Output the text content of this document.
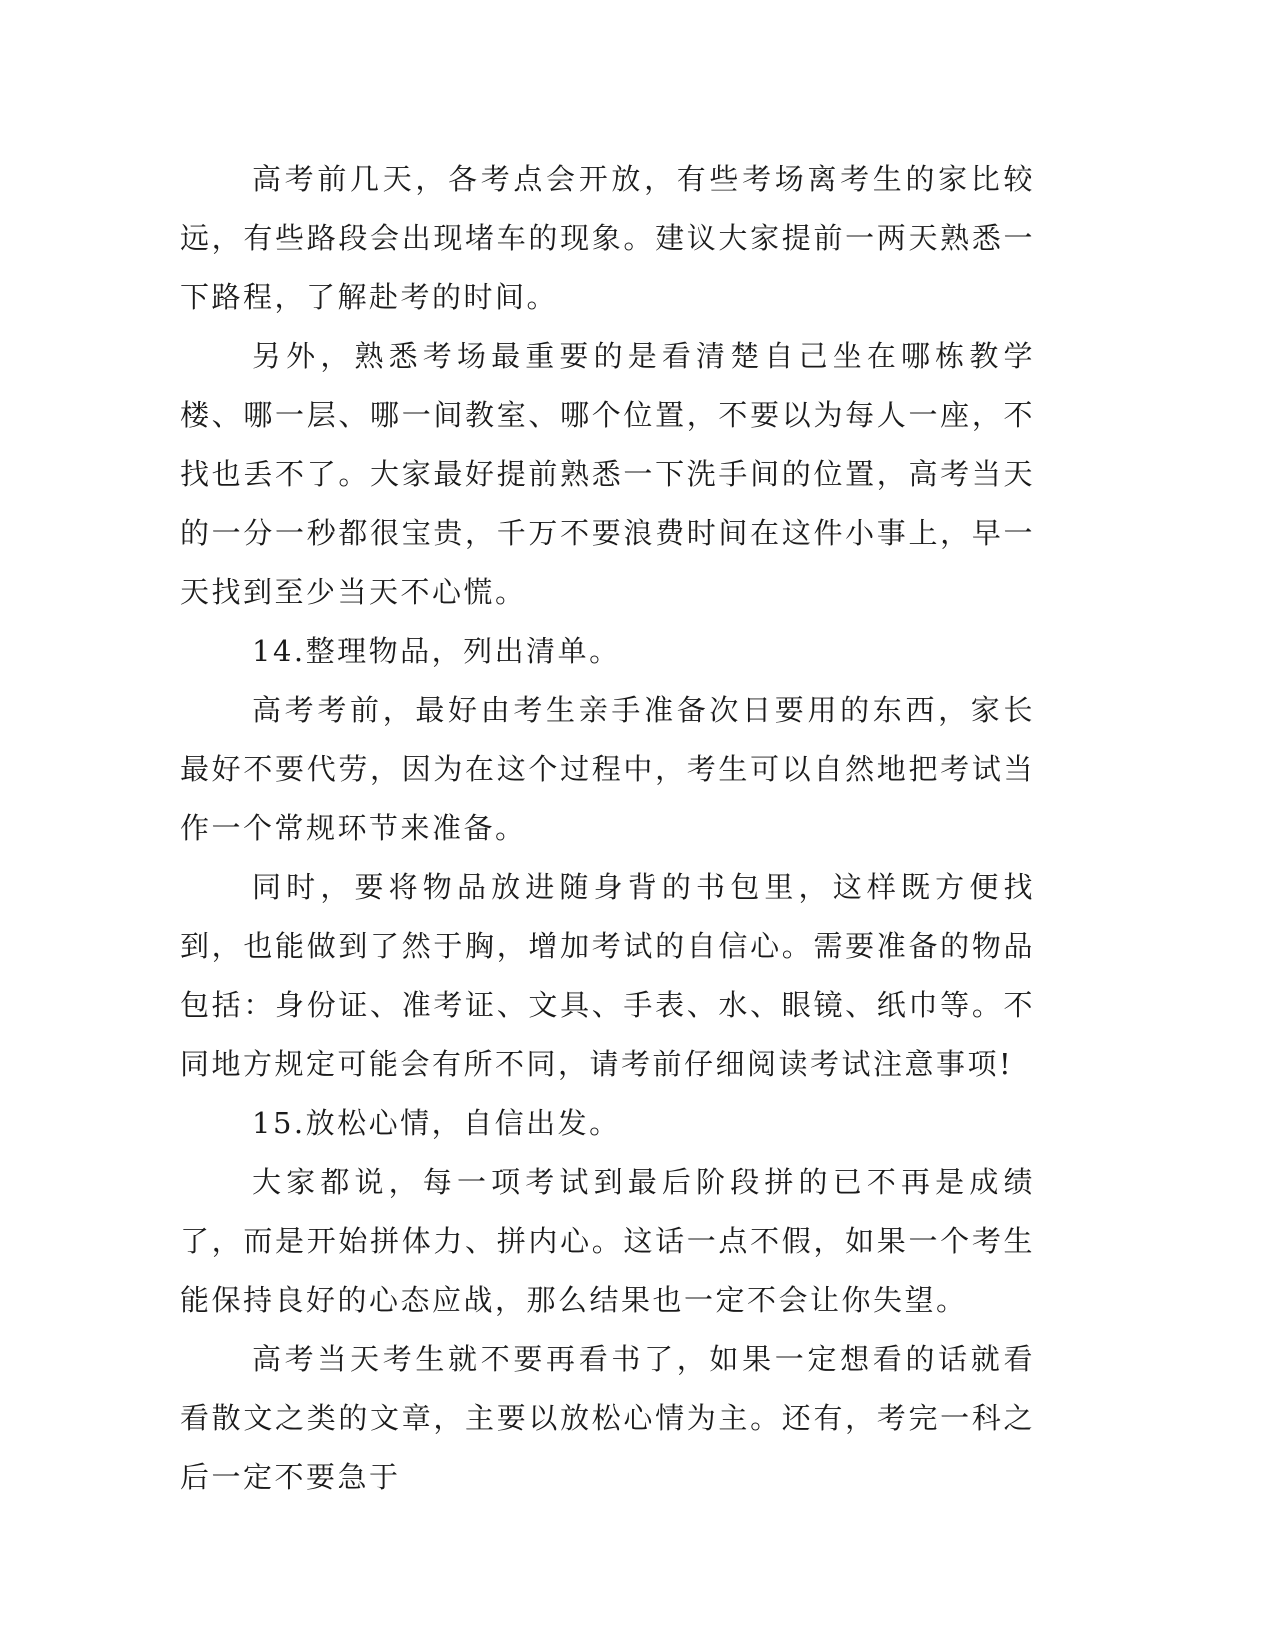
高考前几天，各考点会开放，有些考场离考生的家比较远，有些路段会出现堵车的现象。建议大家提前一两天熟悉一下路程，了解赴考的时间。

另外，熟悉考场最重要的是看清楚自己坐在哪栋教学楼、哪一层、哪一间教室、哪个位置，不要以为每人一座，不找也丢不了。大家最好提前熟悉一下洗手间的位置，高考当天的一分一秒都很宝贵，千万不要浪费时间在这件小事上，早一天找到至少当天不心慌。

14.整理物品，列出清单。

高考考前，最好由考生亲手准备次日要用的东西，家长最好不要代劳，因为在这个过程中，考生可以自然地把考试当作一个常规环节来准备。

同时，要将物品放进随身背的书包里，这样既方便找到，也能做到了然于胸，增加考试的自信心。需要准备的物品包括：身份证、准考证、文具、手表、水、眼镜、纸巾等。不同地方规定可能会有所不同，请考前仔细阅读考试注意事项!

15.放松心情，自信出发。

大家都说，每一项考试到最后阶段拼的已不再是成绩了，而是开始拼体力、拼内心。这话一点不假，如果一个考生能保持良好的心态应战，那么结果也一定不会让你失望。

高考当天考生就不要再看书了，如果一定想看的话就看看散文之类的文章，主要以放松心情为主。还有，考完一科之后一定不要急于
